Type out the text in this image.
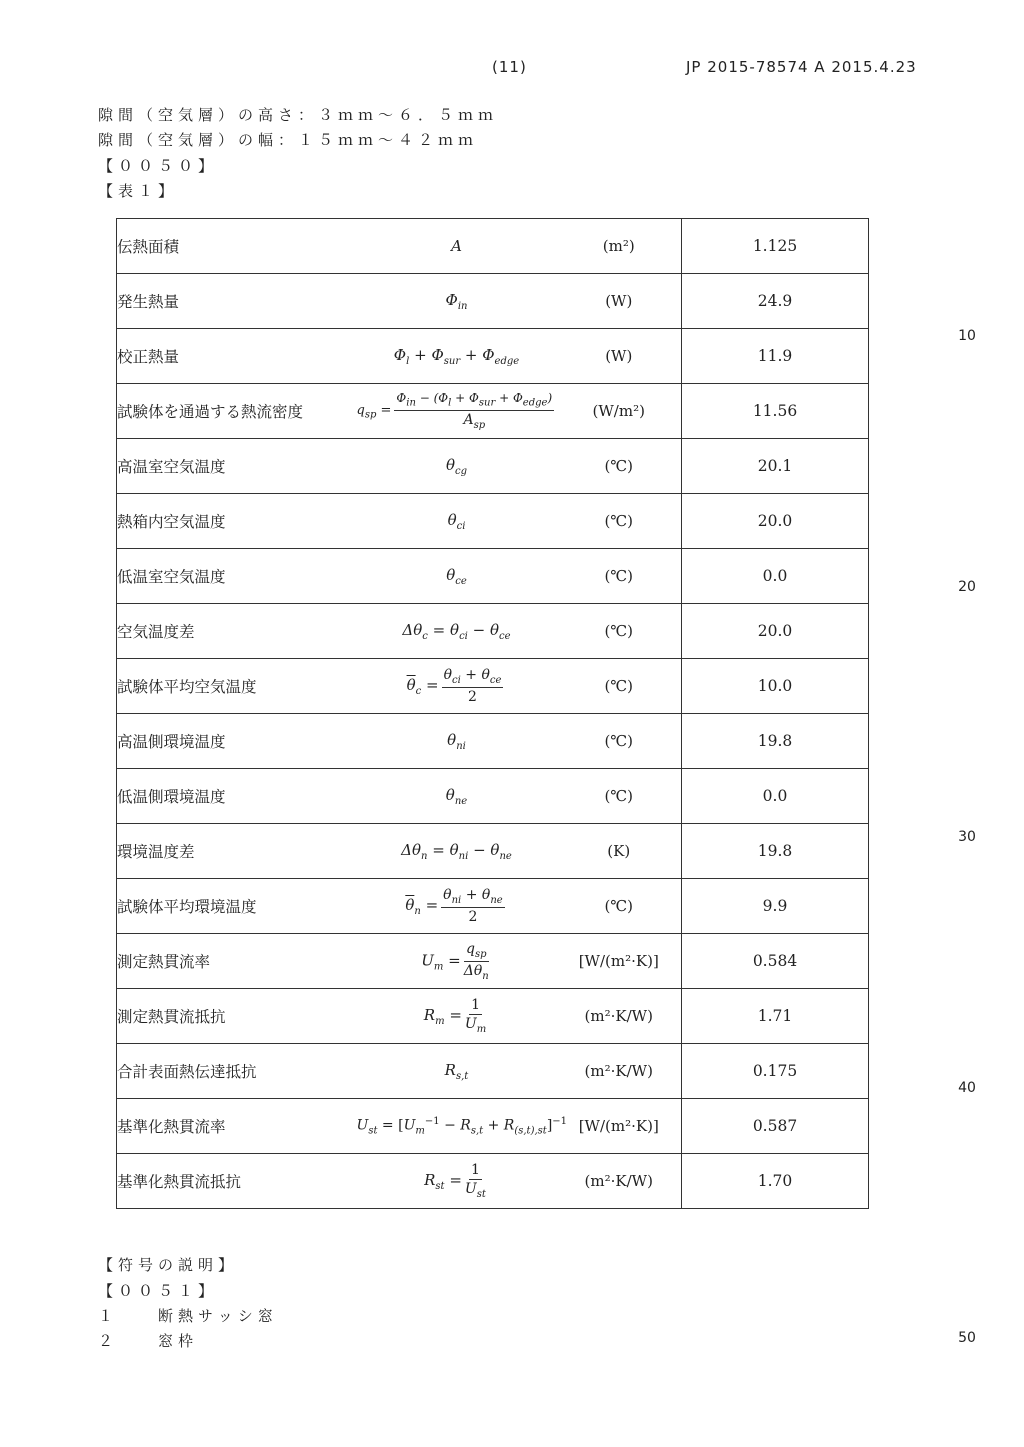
(11)	JP 2015-78574 A 2015.4.23
隙間（空気層）の高さ：３ｍｍ～６．５ｍｍ
隙間（空気層）の幅：１５ｍｍ～４２ｍｍ
【００５０】
【表１】
伝熱面積	A	(m²)	1.125
発生熱量	$\Phi_{in}$	(W)	24.9
校正熱量	$\Phi_l + \Phi_{sur} + \Phi_{edge}$	(W)	11.9
試験体を通過する熱流密度	$q_{sp} = \frac{\Phi_{in} - (\Phi_l + \Phi_{sur} + \Phi_{edge})}{A_{sp}}$	(W/m²)	11.56
高温室空気温度	$\theta_{cg}$	(℃)	20.1
熱箱内空気温度	$\theta_{ci}$	(℃)	20.0
低温室空気温度	$\theta_{ce}$	(℃)	0.0
空気温度差	$\Delta\theta_c = \theta_{ci} - \theta_{ce}$	(℃)	20.0
試験体平均空気温度	$\overline{\theta}_c = \frac{\theta_{ci} + \theta_{ce}}{2}$	(℃)	10.0
高温側環境温度	$\theta_{ni}$	(℃)	19.8
低温側環境温度	$\theta_{ne}$	(℃)	0.0
環境温度差	$\Delta\theta_n = \theta_{ni} - \theta_{ne}$	(K)	19.8
試験体平均環境温度	$\overline{\theta}_n = \frac{\theta_{ni} + \theta_{ne}}{2}$	(℃)	9.9
測定熱貫流率	$U_m = \frac{q_{sp}}{\Delta\theta_n}$	[W/(m²·K)]	0.584
測定熱貫流抵抗	$R_m = \frac{1}{U_m}$	(m²·K/W)	1.71
合計表面熱伝達抵抗	$R_{s,t}$	(m²·K/W)	0.175
基準化熱貫流率	$U_{st} = [U_m^{-1} - R_{s,t} + R_{(s,t),st}]^{-1}$	[W/(m²·K)]	0.587
基準化熱貫流抵抗	$R_{st} = \frac{1}{U_{st}}$	(m²·K/W)	1.70
【符号の説明】
【００５１】
１　　断熱サッシ窓
２　　窓枠
10
20
30
40
50
